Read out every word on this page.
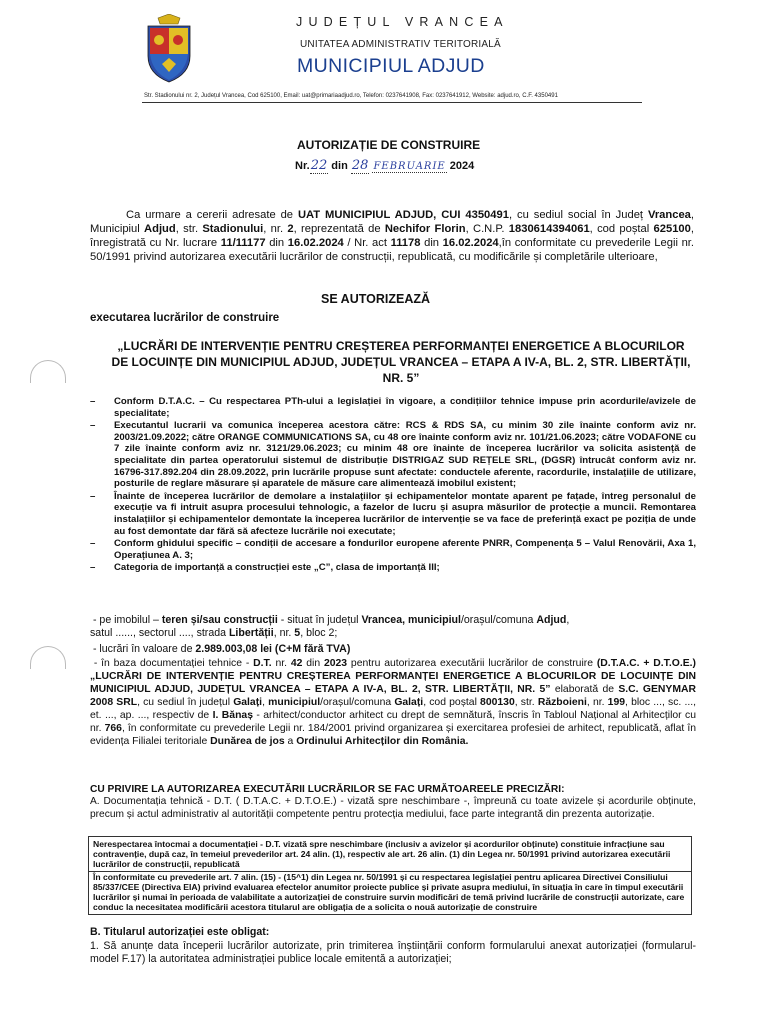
JUDEȚUL VRANCEA
UNITATEA ADMINISTRATIV TERITORIALĂ
MUNICIPIUL ADJUD
Str. Stadionului nr. 2, Județul Vrancea, Cod 625100, Email: uat@primariaadjud.ro, Telefon: 0237641908, Fax: 0237641912, Website: adjud.ro, C.F. 4350491
AUTORIZAȚIE DE CONSTRUIRE
Nr.22 din 28 FEBRUARIE 2024
Ca urmare a cererii adresate de UAT MUNICIPIUL ADJUD, CUI 4350491, cu sediul social în Județ Vrancea, Municipiul Adjud, str. Stadionului, nr. 2, reprezentată de Nechifor Florin, C.N.P. 1830614394061, cod poștal 625100, înregistrată cu Nr. lucrare 11/11177 din 16.02.2024 / Nr. act 11178 din 16.02.2024,în conformitate cu prevederile Legii nr. 50/1991 privind autorizarea executării lucrărilor de construcții, republicată, cu modificările și completările ulterioare,
SE AUTORIZEAZĂ
executarea lucrărilor de construire
„LUCRĂRI DE INTERVENȚIE PENTRU CREȘTEREA PERFORMANȚEI ENERGETICE A BLOCURILOR DE LOCUINȚE DIN MUNICIPIUL ADJUD, JUDEȚUL VRANCEA – ETAPA A IV-A, BL. 2, STR. LIBERTĂȚII, NR. 5”
– Conform D.T.A.C. – Cu respectarea PTh-ului a legislației în vigoare, a condițiilor tehnice impuse prin acordurile/avizele de specialitate;
– Executantul lucrarii va comunica începerea acestora către: RCS & RDS SA, cu minim 30 zile înainte conform aviz nr. 2003/21.09.2022; către ORANGE COMMUNICATIONS SA, cu 48 ore înainte conform aviz nr. 101/21.06.2023; către VODAFONE cu 7 zile înainte conform aviz nr. 3121/29.06.2023; cu minim 48 ore înainte de începerea lucrărilor va solicita asistență de specialitate din partea operatorului sistemul de distribuție DISTRIGAZ SUD REȚELE SRL, (DGSR) întrucât conform aviz nr. 16796-317.892.204 din 28.09.2022, prin lucrările propuse sunt afectate: conductele aferente, racordurile, instalațiile de utilizare, posturile de reglare măsurare și aparatele de măsure care alimentează imobilul existent;
– Înainte de începerea lucrărilor de demolare a instalațiilor și echipamentelor montate aparent pe fațade, întreg personalul de execuție va fi intruit asupra procesului tehnologic, a fazelor de lucru și asupra măsurilor de protecție a muncii. Remontarea instalațiilor și echipamentelor demontate la începerea lucrărilor de intervenție se va face de preferință exact pe poziția de unde au fost demontate dar fără să afecteze lucrările noi executate;
– Conform ghidului specific – condiții de accesare a fondurilor europene aferente PNRR, Compenența 5 – Valul Renovării, Axa 1, Operațiunea A. 3;
– Categoria de importanță a construcției este „C”, clasa de importanță III;
- pe imobilul – teren și/sau construcții - situat în județul Vrancea, municipiul/orașul/comuna Adjud,
satul ......, sectorul ...., strada Libertății, nr. 5, bloc 2;
- lucrări în valoare de 2.989.003,08 lei (C+M fără TVA)
- în baza documentației tehnice - D.T. nr. 42 din 2023 pentru autorizarea executării lucrărilor de construire (D.T.A.C. + D.T.O.E.) „LUCRĂRI DE INTERVENȚIE PENTRU CREȘTEREA PERFORMANȚEI ENERGETICE A BLOCURILOR DE LOCUINȚE DIN MUNICIPIUL ADJUD, JUDEȚUL VRANCEA – ETAPA A IV-A, BL. 2, STR. LIBERTĂȚII, NR. 5” elaborată de S.C. GENYMAR 2008 SRL, cu sediul în județul Galați, municipiul/orașul/comuna Galați, cod poștal 800130, str. Războieni, nr. 199, bloc ..., sc. ..., et. ..., ap. ..., respectiv de I. Bănaș - arhitect/conductor arhitect cu drept de semnătură, înscris în Tabloul Național al Arhitecților cu nr. 766, în conformitate cu prevederile Legii nr. 184/2001 privind organizarea și exercitarea profesiei de arhitect, republicată, aflat în evidența Filialei teritoriale Dunărea de jos a Ordinului Arhitecților din România.
CU PRIVIRE LA AUTORIZAREA EXECUTĂRII LUCRĂRILOR SE FAC URMĂTOAREELE PRECIZĂRI:
A. Documentația tehnică - D.T. ( D.T.A.C. + D.T.O.E.) - vizată spre neschimbare -, împreună cu toate avizele și acordurile obținute, precum și actul administrativ al autorității competente pentru protecția mediului, face parte integrantă din prezenta autorizație.
Nerespectarea întocmai a documentației - D.T. vizată spre neschimbare (inclusiv a avizelor și acordurilor obținute) constituie infracțiune sau contravenție, după caz, în temeiul prevederilor art. 24 alin. (1), respectiv ale art. 26 alin. (1) din Legea nr. 50/1991 privind autorizarea executării lucrărilor de construcții, republicată
În conformitate cu prevederile art. 7 alin. (15) - (15^1) din Legea nr. 50/1991 și cu respectarea legislației pentru aplicarea Directivei Consiliului 85/337/CEE (Directiva EIA) privind evaluarea efectelor anumitor proiecte publice și private asupra mediului, în situația în care în timpul executării lucrărilor și numai în perioada de valabilitate a autorizației de construire survin modificări de temă privind lucrările de construcții autorizate, care conduc la necesitatea modificării acestora titularul are obligația de a solicita o nouă autorizație de construire
B. Titularul autorizației este obligat:
1. Să anunțe data începerii lucrărilor autorizate, prin trimiterea înștiințării conform formularului anexat autorizației (formularul-model F.17) la autoritatea administrației publice locale emitentă a autorizației;
